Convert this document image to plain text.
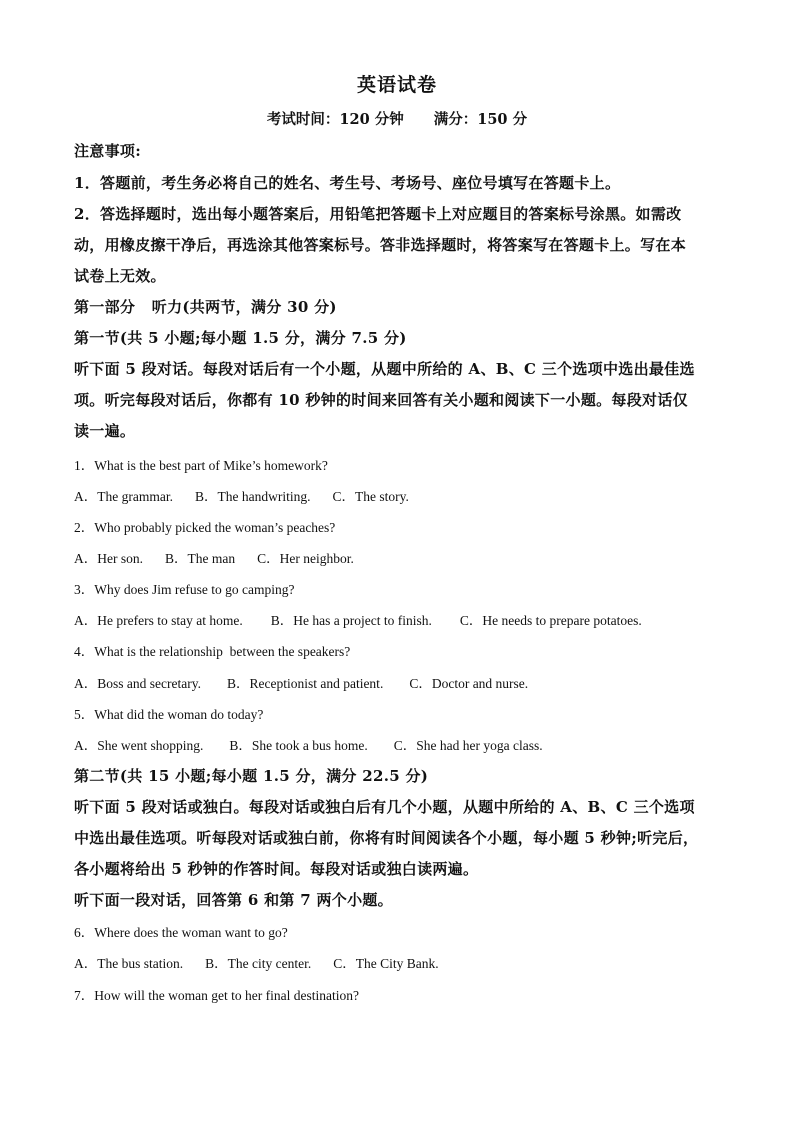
英语试卷
考试时间：120 分钟 满分：150 分
注意事项:
1．答题前，考生务必将自己的姓名、考生号、考场号、座位号填写在答题卡上。
2．答选择题时，选出每小题答案后，用铅笔把答题卡上对应题目的答案标号涂黑。如需改
动，用橡皮擦干净后，再选涂其他答案标号。答非选择题时，将答案写在答题卡上。写在本
试卷上无效。
第一部分   听力(共两节，满分 30 分)
第一节(共 5 小题;每小题 1.5 分，满分 7.5 分)
听下面 5 段对话。每段对话后有一个小题，从题中所给的 A、B、C 三个选项中选出最佳选
项。听完每段对话后，你都有 10 秒钟的时间来回答有关小题和阅读下一小题。每段对话仅
读一遍。
1．What is the best part of Mike’s homework?
A．The grammar. B．The handwriting. C．The story.
2．Who probably picked the woman’s peaches?
A．Her son. B．The man C．Her neighbor.
3．Why does Jim refuse to go camping?
A．He prefers to stay at home. B．He has a project to finish. C．He needs to prepare potatoes.
4．What is the relationship  between the speakers?
A．Boss and secretary. B．Receptionist and patient. C．Doctor and nurse.
5．What did the woman do today?
A．She went shopping. B．She took a bus home. C．She had her yoga class.
第二节(共 15 小题;每小题 1.5 分，满分 22.5 分)
听下面 5 段对话或独白。每段对话或独白后有几个小题，从题中所给的 A、B、C 三个选项
中选出最佳选项。听每段对话或独白前，你将有时间阅读各个小题，每小题 5 秒钟;听完后，
各小题将给出 5 秒钟的作答时间。每段对话或独白读两遍。
听下面一段对话，回答第 6 和第 7 两个小题。
6．Where does the woman want to go?
A．The bus station. B．The city center. C．The City Bank.
7．How will the woman get to her final destination?
